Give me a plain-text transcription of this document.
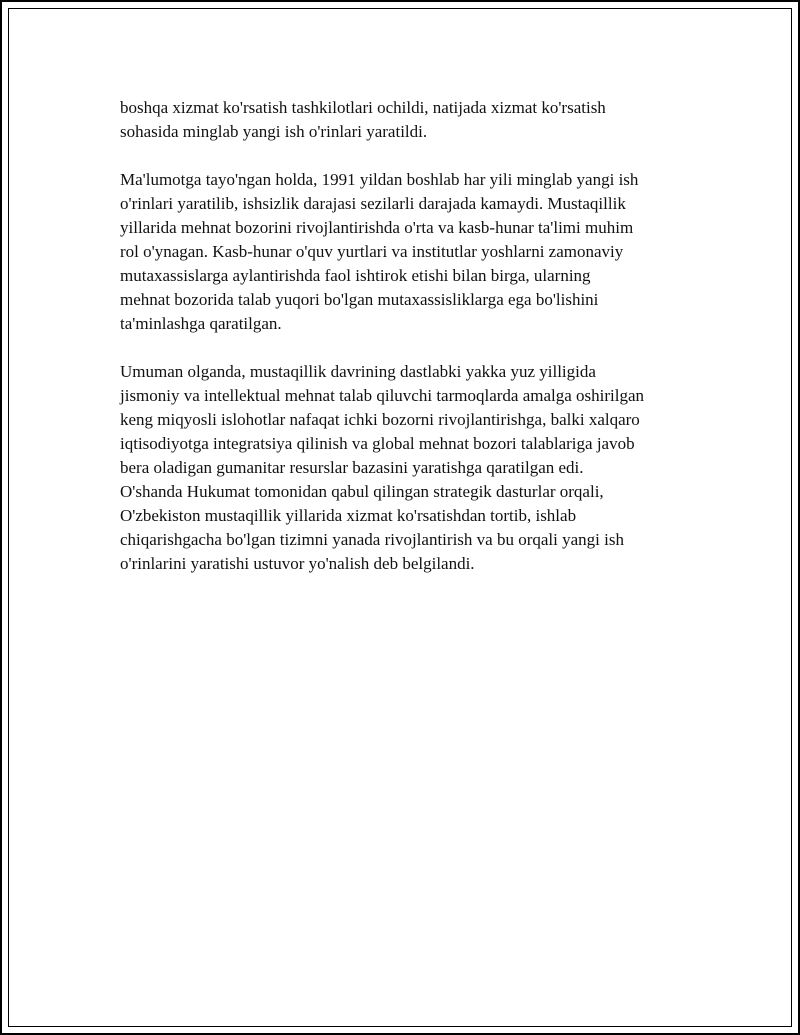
boshqa xizmat ko'rsatish tashkilotlari ochildi, natijada xizmat ko'rsatish
sohasida minglab yangi ish o'rinlari yaratildi.

Ma'lumotga tayo'ngan holda, 1991 yildan boshlab har yili minglab yangi ish
o'rinlari yaratilib, ishsizlik darajasi sezilarli darajada kamaydi. Mustaqillik
yillarida mehnat bozorini rivojlantirishda o'rta va kasb-hunar ta'limi muhim
rol o'ynagan. Kasb-hunar o'quv yurtlari va institutlar yoshlarni zamonaviy
mutaxassislarga aylantirishda faol ishtirok etishi bilan birga, ularning
mehnat bozorida talab yuqori bo'lgan mutaxassisliklarga ega bo'lishini
ta'minlashga qaratilgan.

Umuman olganda, mustaqillik davrining dastlabki yakka yuz yilligida
jismoniy va intellektual mehnat talab qiluvchi tarmoqlarda amalga oshirilgan
keng miqyosli islohotlar nafaqat ichki bozorni rivojlantirishga, balki xalqaro
iqtisodiyotga integratsiya qilinish va global mehnat bozori talablariga javob
bera oladigan gumanitar resurslar bazasini yaratishga qaratilgan edi.
O'shanda Hukumat tomonidan qabul qilingan strategik dasturlar orqali,
O'zbekiston mustaqillik yillarida xizmat ko'rsatishdan tortib, ishlab
chiqarishgacha bo'lgan tizimni yanada rivojlantirish va bu orqali yangi ish
o'rinlarini yaratishi ustuvor yo'nalish deb belgilandi.
